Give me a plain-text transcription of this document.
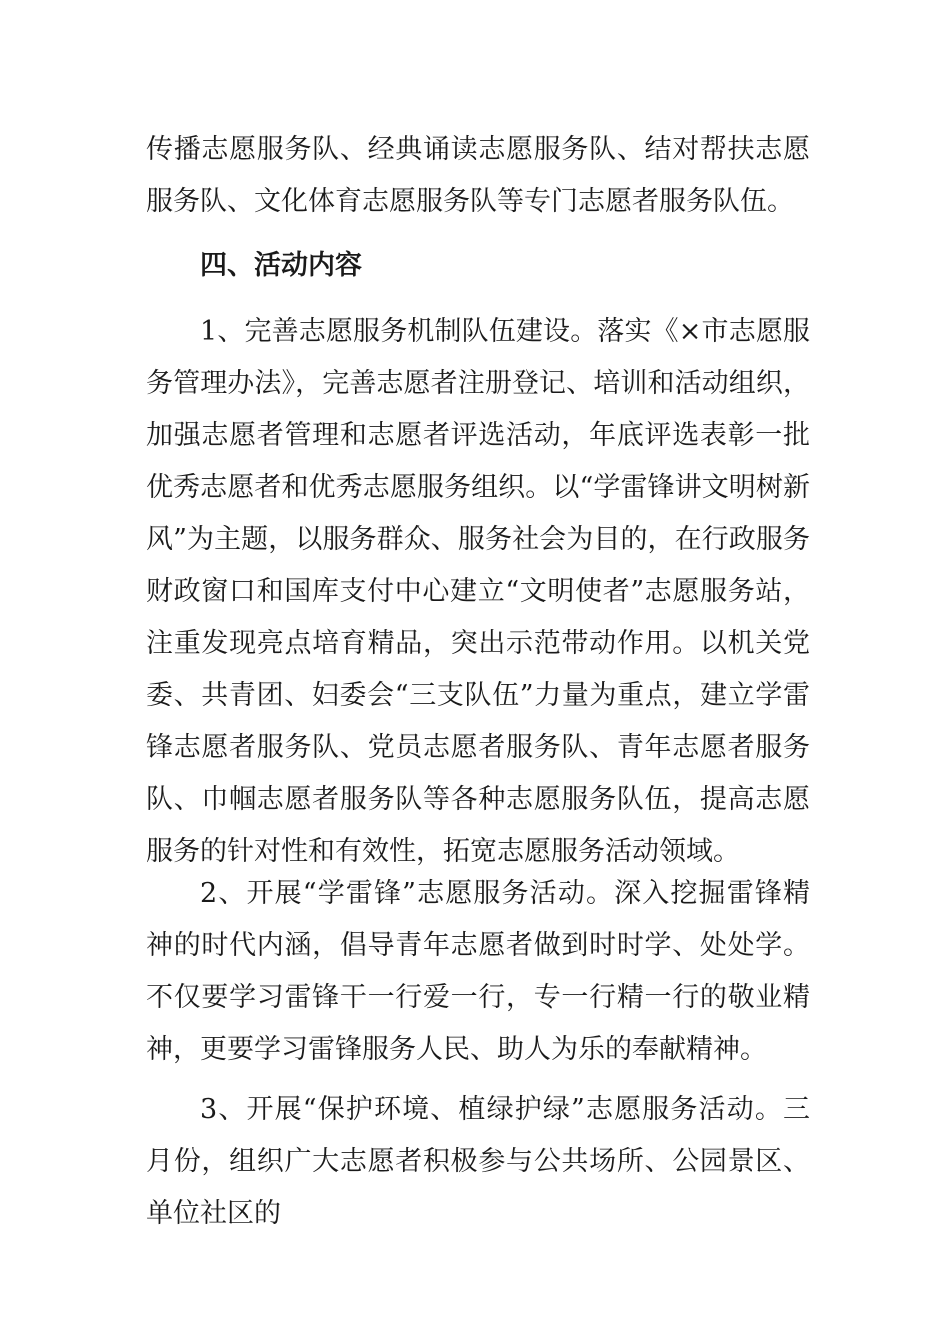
传播志愿服务队、经典诵读志愿服务队、结对帮扶志愿服务队、文化体育志愿服务队等专门志愿者服务队伍。

四、活动内容

1、完善志愿服务机制队伍建设。落实《×市志愿服务管理办法》，完善志愿者注册登记、培训和活动组织，加强志愿者管理和志愿者评选活动，年底评选表彰一批优秀志愿者和优秀志愿服务组织。以“学雷锋讲文明树新风”为主题，以服务群众、服务社会为目的，在行政服务财政窗口和国库支付中心建立“文明使者”志愿服务站，注重发现亮点培育精品，突出示范带动作用。以机关党委、共青团、妇委会“三支队伍”力量为重点，建立学雷锋志愿者服务队、党员志愿者服务队、青年志愿者服务队、巾帼志愿者服务队等各种志愿服务队伍，提高志愿服务的针对性和有效性，拓宽志愿服务活动领域。

2、开展“学雷锋”志愿服务活动。深入挖掘雷锋精神的时代内涵，倡导青年志愿者做到时时学、处处学。不仅要学习雷锋干一行爱一行，专一行精一行的敬业精神，更要学习雷锋服务人民、助人为乐的奉献精神。

3、开展“保护环境、植绿护绿”志愿服务活动。三月份，组织广大志愿者积极参与公共场所、公园景区、单位社区的
